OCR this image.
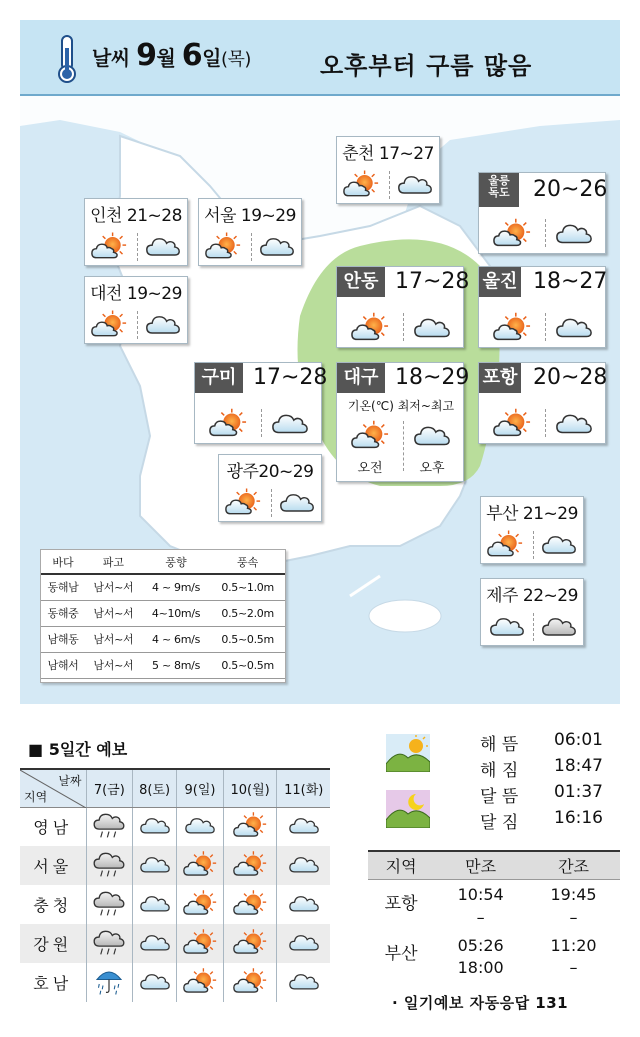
날씨 9월 6일(목)	오후부터 구름 많음
춘천 17~27
인천 21~28	서울 19~29
대전 19~29
광주20~29
부산 21~29
제주 22~29
울릉
독도	20~26
안동 17~28 울진 18~27
구미 17~28 대구 18~29
기온(℃) 최저~최고
오전	오후
포항 20~28
바다	파고	풍향	풍속
동해남	남서~서	4 ~ 9m/s	0.5~1.0m
동해중	남서~서	4~10m/s	0.5~2.0m
남해동	남서~서	4 ~ 6m/s	0.5~0.5m
남해서	남서~서	5 ~ 8m/s	0.5~0.5m
■ 5일간 예보
날짜
지역	7(금)	8(토)	9(일)	10(월)	11(화)
영남					
서울					
충청					
강원					
호남					
해 뜸 06:01
해 짐 18:47
달 뜸 01:37
달 짐 16:16
지역	만조	간조
포항	10:54	19:45
	–	–
부산	05:26	11:20
	18:00	–
· 일기예보 자동응답 131
